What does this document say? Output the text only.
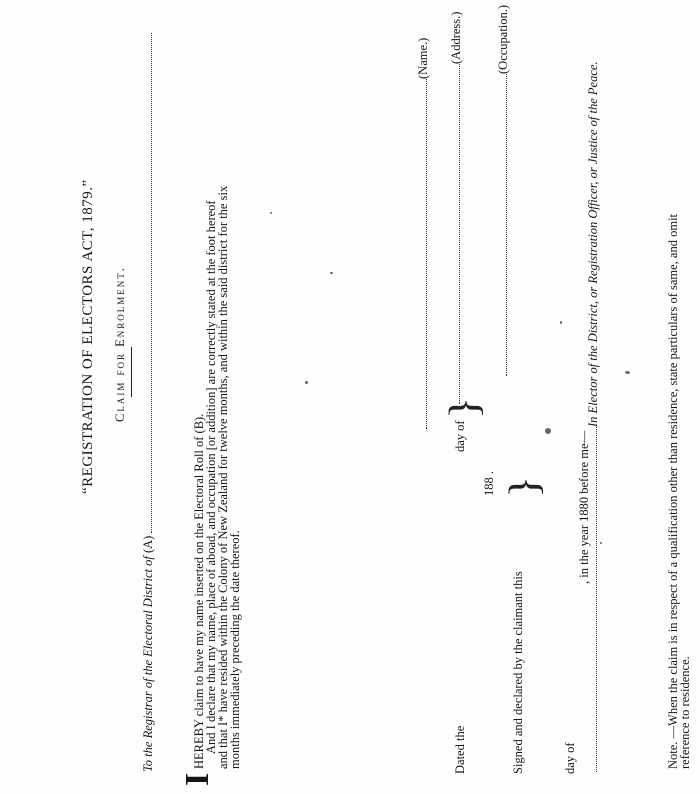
“REGISTRATION OF ELECTORS ACT, 1879.” Claim for Enrolment.
To the Registrar of the Electoral District of (A)
I
HEREBY claim to have my name inserted on the Electoral Roll of (B).
And I declare that my name, place of aboad, and occupation [or addition] are correctly stated at the foot hereof
and that I* have resided within the Colony of New Zealand for twelve months, and within the said district for the six
months immediately preceding the date thereof.
(Name.) (Address.)	(Occupation.)
Dated the
day of
}
188 .
Signed and declared by the claimant this
}
day of
, in the year 1880 before me—
In Elector of the District, or Registration Officer, or Justice of the Peace.	Note. —When the claim is in respect of a qualification other than residence, state particulars of same, and omit
reference to residence.
